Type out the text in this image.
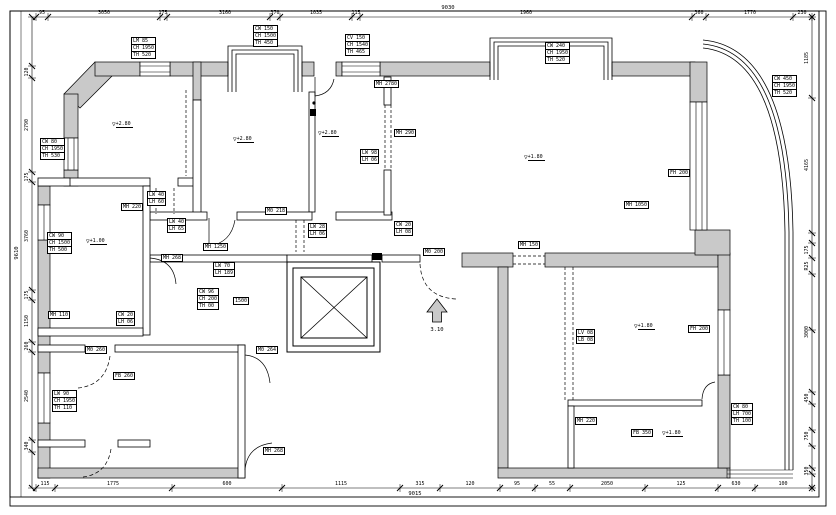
9030
9015
9610
95	3050	175	3160	370	1035	115	1960	360	1770	230
115	1775	600	1115	315	120	95	55	2050	125	630	100
120
2790
175
3760
175
1150
260
2540
340
1185
4165
175
R25
3000
450
750
350
3.10
LM 85
CH 1950
TH 520
CW 80
CH 1950
TH 530
CW 150
CH 1500
TH 450
CV 150
CH 1540
TH 465
CW 240
CH 1950
TH 520
CW 450
CH 1950
TH 520
CW 90
CH 1500
TH 500
LW 90
CH 1950
TH 110	CW 80
LH 700
TH 100
MH 220
LW 40
LH 60
LW 40
LH 65
MH 1250
MH 268
M0 260
MH 110	CW 20
LH 06
LW 70
LH 189
CW 96
CH 200
TH 00
1500
M0 264
MH 268
FB 260
MH 2780
M0 218
LW 28
LH 06
CW 20
LH 08
M0 200
MH 150
MH 290
LW 98
LH 06
FH 200
FH 200
LV 08
LB 08
MH 220
FB 350
MH 1050
▽+2.80
▽+2.80
▽+2.80
▽+1.80
▽+1.00
▽+1.80
▽+1.80
